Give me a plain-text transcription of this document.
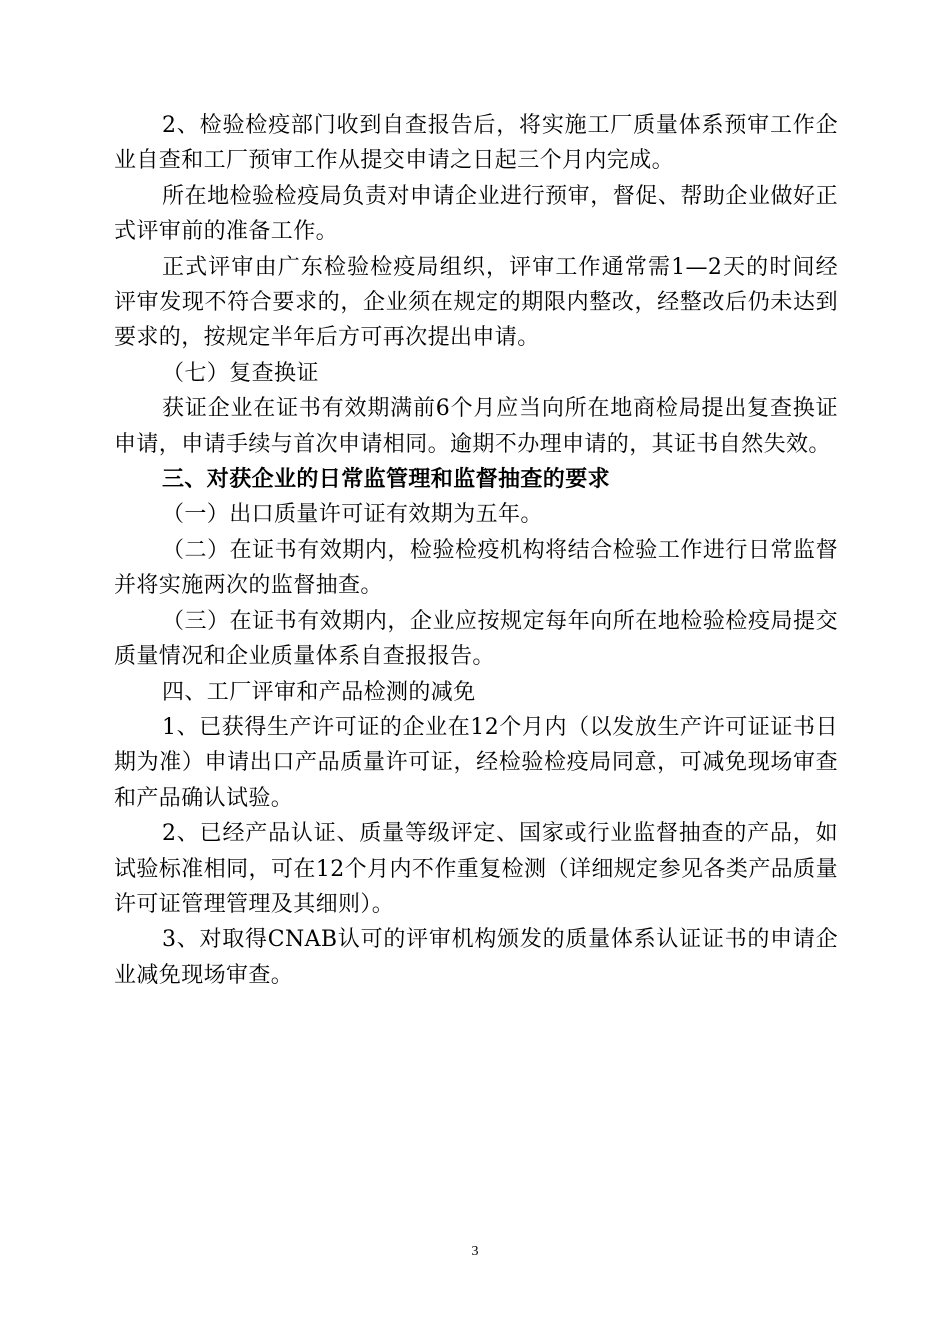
2、检验检疫部门收到自查报告后，将实施工厂质量体系预审工作企业自查和工厂预审工作从提交申请之日起三个月内完成。

所在地检验检疫局负责对申请企业进行预审，督促、帮助企业做好正式评审前的准备工作。

正式评审由广东检验检疫局组织，评审工作通常需1—2天的时间经评审发现不符合要求的，企业须在规定的期限内整改，经整改后仍未达到要求的，按规定半年后方可再次提出申请。

（七）复查换证

获证企业在证书有效期满前6个月应当向所在地商检局提出复查换证申请，申请手续与首次申请相同。逾期不办理申请的，其证书自然失效。

三、对获企业的日常监管理和监督抽查的要求

（一）出口质量许可证有效期为五年。

（二）在证书有效期内，检验检疫机构将结合检验工作进行日常监督并将实施两次的监督抽查。

（三）在证书有效期内，企业应按规定每年向所在地检验检疫局提交质量情况和企业质量体系自查报报告。

四、工厂评审和产品检测的减免

1、已获得生产许可证的企业在12个月内（以发放生产许可证证书日期为准）申请出口产品质量许可证，经检验检疫局同意，可减免现场审查和产品确认试验。

2、已经产品认证、质量等级评定、国家或行业监督抽查的产品，如试验标准相同，可在12个月内不作重复检测（详细规定参见各类产品质量许可证管理管理及其细则）。

3、对取得CNAB认可的评审机构颁发的质量体系认证证书的申请企业减免现场审查。

3
